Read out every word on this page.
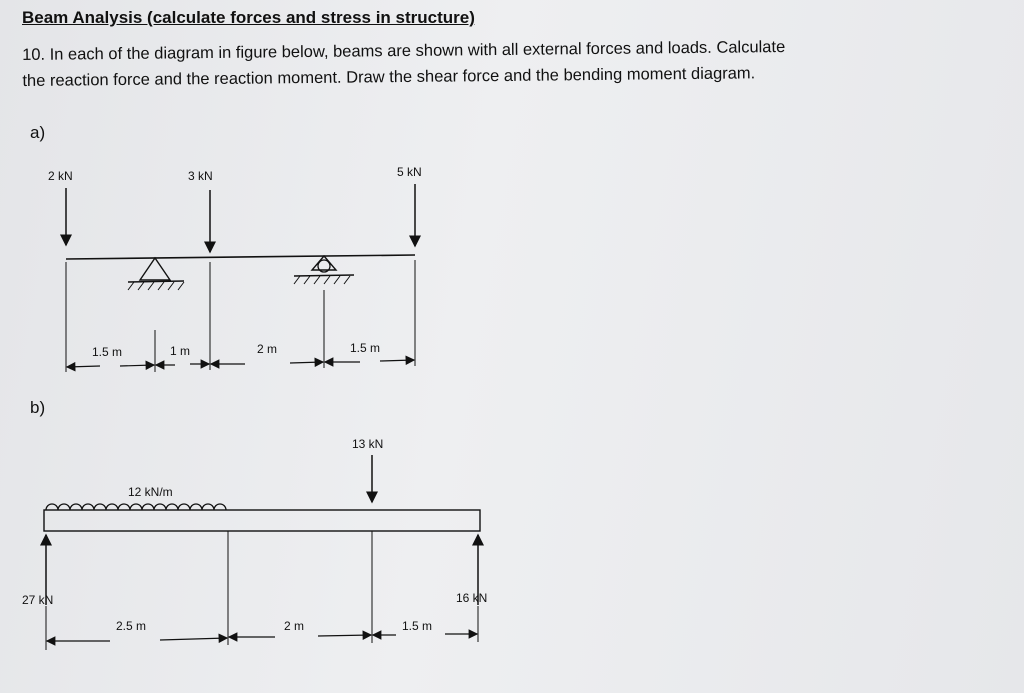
Beam Analysis (calculate forces and stress in structure)
10. In each of the diagram in figure below, beams are shown with all external forces and loads. Calculate
the reaction force and the reaction moment. Draw the shear force and the bending moment diagram.
a)
b)
2 kN	3 kN	5 kN
1.5 m	1 m	2 m	1.5 m
13 kN
12 kN/m
27 kN	16 kN
2.5 m	2 m	1.5 m
